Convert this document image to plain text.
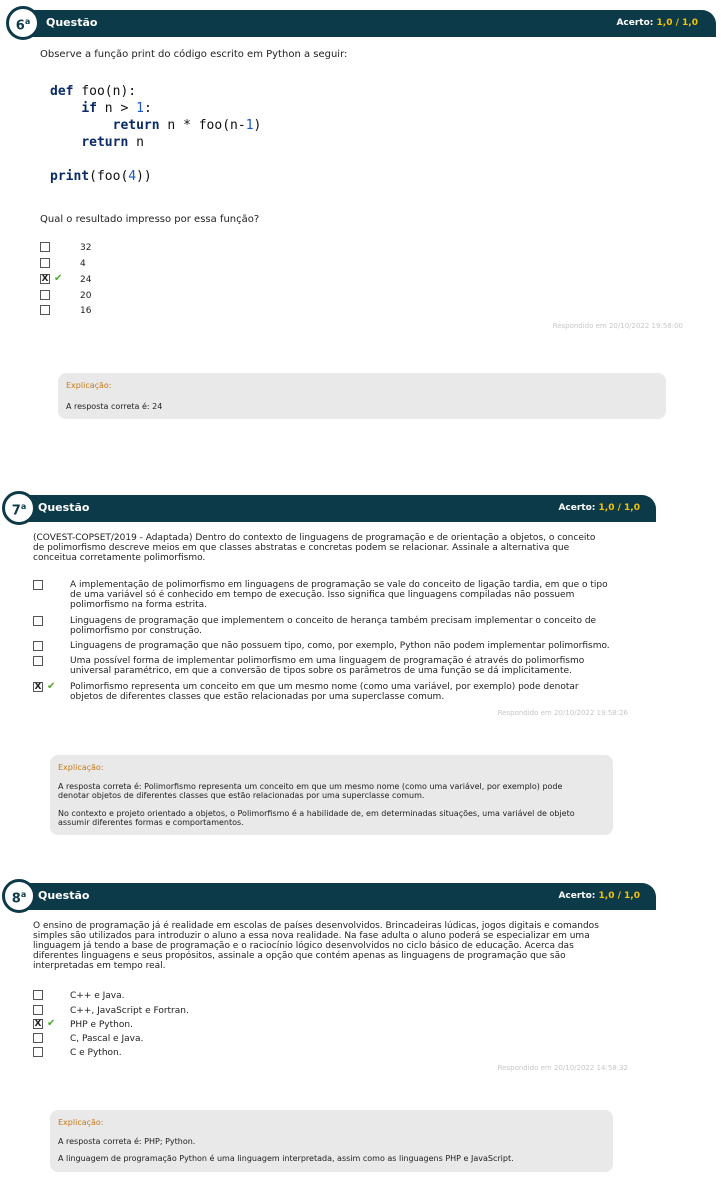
Questão	Acerto: 1,0 / 1,0
6$^a$
Observe a função print do código escrito em Python a seguir:
def foo(n):
if n > 1:
return n * foo(n-1)
return n

print(foo(4))
Qual o resultado impresso por essa função?
32
4
X ✔ 24
20
16
Respondido em 20/10/2022 19:58:00
Explicação:
A resposta correta é: 24
Questão	Acerto: 1,0 / 1,0
7$^a$
(COVEST-COPSET/2019 - Adaptada) Dentro do contexto de linguagens de programação e de orientação a objetos, o conceito
de polimorfismo descreve meios em que classes abstratas e concretas podem se relacionar. Assinale a alternativa que
conceitua corretamente polimorfismo.
A implementação de polimorfismo em linguagens de programação se vale do conceito de ligação tardia, em que o tipo
de uma variável só é conhecido em tempo de execução. Isso significa que linguagens compiladas não possuem
polimorfismo na forma estrita.
Linguagens de programação que implementem o conceito de herança também precisam implementar o conceito de
polimorfismo por construção.
Linguagens de programação que não possuem tipo, como, por exemplo, Python não podem implementar polimorfismo.
Uma possível forma de implementar polimorfismo em uma linguagem de programação é através do polimorfismo
universal paramétrico, em que a conversão de tipos sobre os parâmetros de uma função se dá implicitamente.
X ✔ Polimorfismo representa um conceito em que um mesmo nome (como uma variável, por exemplo) pode denotar
objetos de diferentes classes que estão relacionadas por uma superclasse comum.
Respondido em 20/10/2022 19:58:26
Explicação:
A resposta correta é: Polimorfismo representa um conceito em que um mesmo nome (como uma variável, por exemplo) pode
denotar objetos de diferentes classes que estão relacionadas por uma superclasse comum.
No contexto e projeto orientado a objetos, o Polimorfismo é a habilidade de, em determinadas situações, uma variável de objeto
assumir diferentes formas e comportamentos.
Questão	Acerto: 1,0 / 1,0
8$^a$
O ensino de programação já é realidade em escolas de países desenvolvidos. Brincadeiras lúdicas, jogos digitais e comandos
simples são utilizados para introduzir o aluno a essa nova realidade. Na fase adulta o aluno poderá se especializar em uma
linguagem já tendo a base de programação e o raciocínio lógico desenvolvidos no ciclo básico de educação. Acerca das
diferentes linguagens e seus propósitos, assinale a opção que contém apenas as linguagens de programação que são
interpretadas em tempo real.
C++ e Java.
C++, JavaScript e Fortran.
X ✔ PHP e Python.
C, Pascal e Java.
C e Python.
Respondido em 20/10/2022 14:58:32
Explicação:
A resposta correta é: PHP; Python.
A linguagem de programação Python é uma linguagem interpretada, assim como as linguagens PHP e JavaScript.
